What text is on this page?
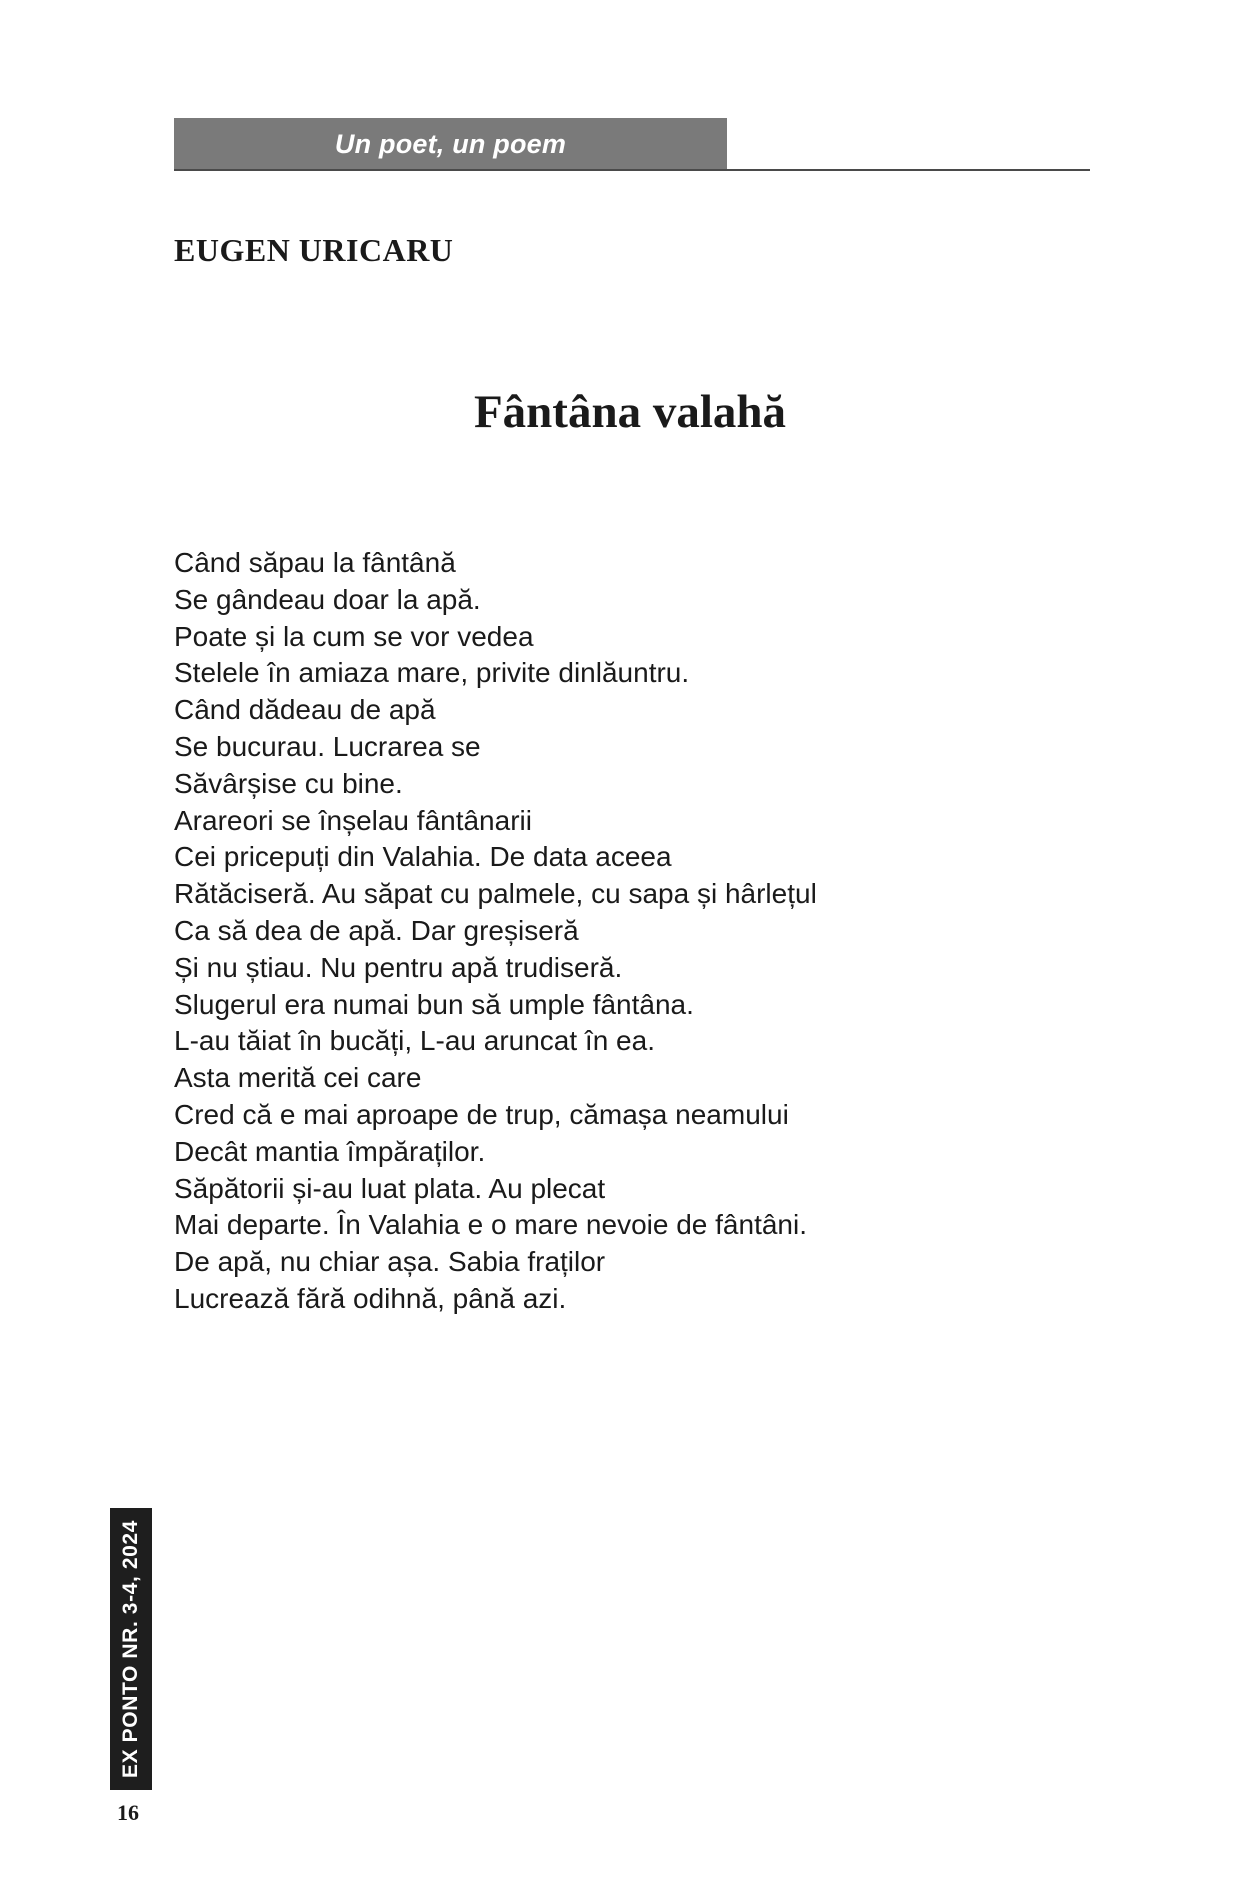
Un poet, un poem
EUGEN URICARU
Fântâna valahă
Când săpau la fântână
Se gândeau doar la apă.
Poate și la cum se vor vedea
Stelele în amiaza mare, privite dinlăuntru.
Când dădeau de apă
Se bucurau. Lucrarea se
Săvârșise cu bine.
Arareori se înșelau fântânarii
Cei pricepuți din Valahia. De data aceea
Rătăciseră. Au săpat cu palmele, cu sapa și hârlețul
Ca să dea de apă. Dar greșiseră
Și nu știau. Nu pentru apă trudiseră.
Slugerul era numai bun să umple fântâna.
L-au tăiat în bucăți, L-au aruncat în ea.
Asta merită cei care
Cred că e mai aproape de trup, cămașa neamului
Decât mantia împăraților.
Săpătorii și-au luat plata. Au plecat
Mai departe. În Valahia e o mare nevoie de fântâni.
De apă, nu chiar așa. Sabia fraților
Lucrează fără odihnă, până azi.
EX PONTO NR. 3-4, 2024
16
